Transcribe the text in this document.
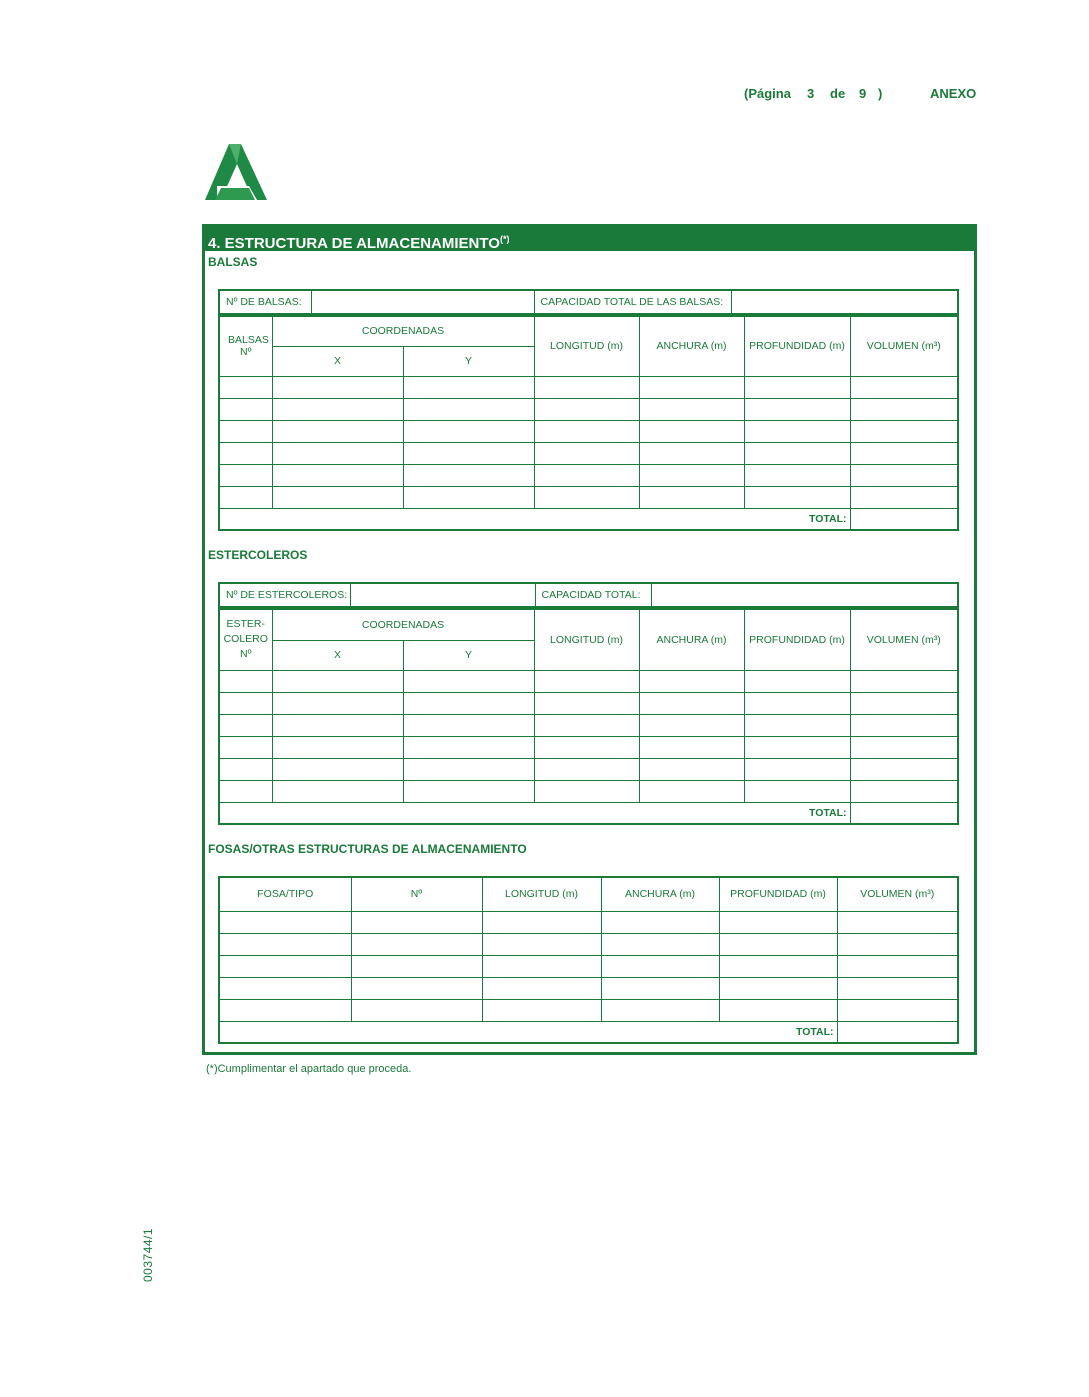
(Página 3 de 9 )	ANEXO
4. ESTRUCTURA DE ALMACENAMIENTO(*)
BALSAS
Nº DE BALSAS:		CAPACIDAD TOTAL DE LAS BALSAS:	
BALSAS Nº	COORDENADAS		LONGITUD (m)	ANCHURA (m)	PROFUNDIDAD (m)	VOLUMEN (m³)
	X	Y				

TOTAL:						
ESTERCOLEROS
Nº DE ESTERCOLEROS:		CAPACIDAD TOTAL:	
ESTER-
COLERO
Nº	COORDENADAS		LONGITUD (m)	ANCHURA (m)	PROFUNDIDAD (m)	VOLUMEN (m³)
	X	Y				

TOTAL:						
FOSAS/OTRAS ESTRUCTURAS DE ALMACENAMIENTO
FOSA/TIPO	Nº	LONGITUD (m)	ANCHURA (m)	PROFUNDIDAD (m)	VOLUMEN (m³)

TOTAL:					
(*)Cumplimentar el apartado que proceda.
003744/1
